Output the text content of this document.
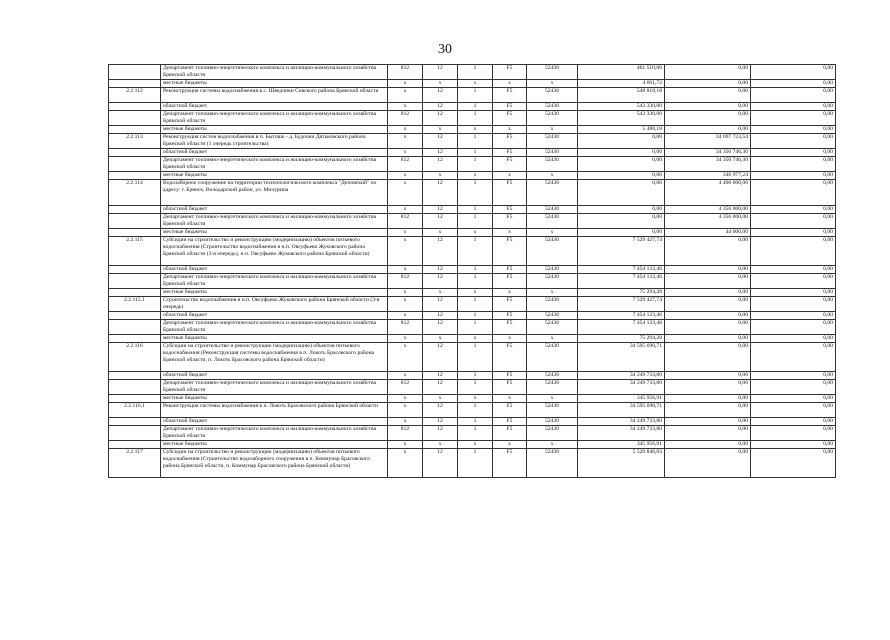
30
	Департамент топливно-энергетического комплекса и жилищно-коммунального хозяйства Брянской области	812	12	1	F5	52430	461 510,00	0,00	0,00
	местные бюджеты	x	x	x	x	x	4 661,72	0,00	0,00
2.2.112	Реконструкция системы водоснабжения в с. Шведчики Севского района Брянской области	x	12	1	F5	52430	548 818,18	0,00	0,00
	областной бюджет	x	12	1	F5	52430	543 330,00	0,00	0,00
	Департамент топливно-энергетического комплекса и жилищно-коммунального хозяйства Брянской области	812	12	1	F5	52430	543 330,00	0,00	0,00
	местные бюджеты	x	x	x	x	x	5 488,18	0,00	0,00
2.2.113	Реконструкция систем водоснабжения в п. Бытошь - д. Будочки Дятьковского района Брянской области (1 очередь строительства)	x	12	1	F5	52430	0,00	34 697 723,54	0,00
	областной бюджет	x	12	1	F5	52430	0,00	34 350 746,30	0,00
	Департамент топливно-энергетического комплекса и жилищно-коммунального хозяйства Брянской области	812	12	1	F5	52430	0,00	34 350 746,30	0,00
	местные бюджеты	x	x	x	x	x	0,00	346 977,24	0,00
2.2.114	Водозаборное сооружение на территории технопологического комплекса "Деповский" по адресу: г. Брянск, Володарский район, ул. Мичурина	x	12	1	F5	52430	0,00	4 400 000,00	0,00
	областной бюджет	x	12	1	F5	52430	0,00	4 356 000,00	0,00
	Департамент топливно-энергетического комплекса и жилищно-коммунального хозяйства Брянской области	812	12	1	F5	52430	0,00	4 356 000,00	0,00
	местные бюджеты	x	x	x	x	x	0,00	44 000,00	0,00
2.2.115	Субсидии на строительство и реконструкцию (модернизацию) объектов питьевого водоснабжения (Строительство водоснабжения в н.п. Овсуфьево Жуковского района Брянской области (3-я очередь), н.п. Овсуфьево Жуковского района Брянской области)	x	12	1	F5	52430	7 529 427,74	0,00	0,00
	областной бюджет	x	12	1	F5	52430	7 454 133,46	0,00	0,00
	Департамент топливно-энергетического комплекса и жилищно-коммунального хозяйства Брянской области	812	12	1	F5	52430	7 454 133,46	0,00	0,00
	местные бюджеты	x	x	x	x	x	75 294,28	0,00	0,00
2.2.115.1	Строительство водоснабжения в н.п. Овсуфьево Жуковского района Брянской области (3-я очередь)	x	12	1	F5	52430	7 529 427,74	0,00	0,00
	областной бюджет	x	12	1	F5	52430	7 454 133,46	0,00	0,00
	Департамент топливно-энергетического комплекса и жилищно-коммунального хозяйства Брянской области	812	12	1	F5	52430	7 454 133,46	0,00	0,00
	местные бюджеты	x	x	x	x	x	75 294,28	0,00	0,00
2.2.116	Субсидии на строительство и реконструкцию (модернизацию) объектов питьевого водоснабжения (Реконструкция системы водоснабжения в п. Локоть Брасовского района Брянской области, п. Локоть Брасовского района Брянской области)	x	12	1	F5	52430	34 595 690,71	0,00	0,00
	областной бюджет	x	12	1	F5	52430	34 249 733,80	0,00	0,00
	Департамент топливно-энергетического комплекса и жилищно-коммунального хозяйства Брянской области	812	12	1	F5	52430	34 249 733,80	0,00	0,00
	местные бюджеты	x	x	x	x	x	345 956,91	0,00	0,00
2.2.116.1	Реконструкция системы водоснабжения в п. Локоть Брасовского района Брянской области	x	12	1	F5	52430	34 595 690,71	0,00	0,00
	областной бюджет	x	12	1	F5	52430	34 249 733,80	0,00	0,00
	Департамент топливно-энергетического комплекса и жилищно-коммунального хозяйства Брянской области	812	12	1	F5	52430	34 249 733,80	0,00	0,00
	местные бюджеты	x	x	x	x	x	345 956,91	0,00	0,00
2.2.117	Субсидии на строительство и реконструкцию (модернизацию) объектов питьевого водоснабжения (Строительство водозаборного сооружения в п. Коммунар Брасовского района Брянской области, п. Коммунар Брасовского района Брянской области)	x	12	1	F5	52430	5 520 846,03	0,00	0,00
